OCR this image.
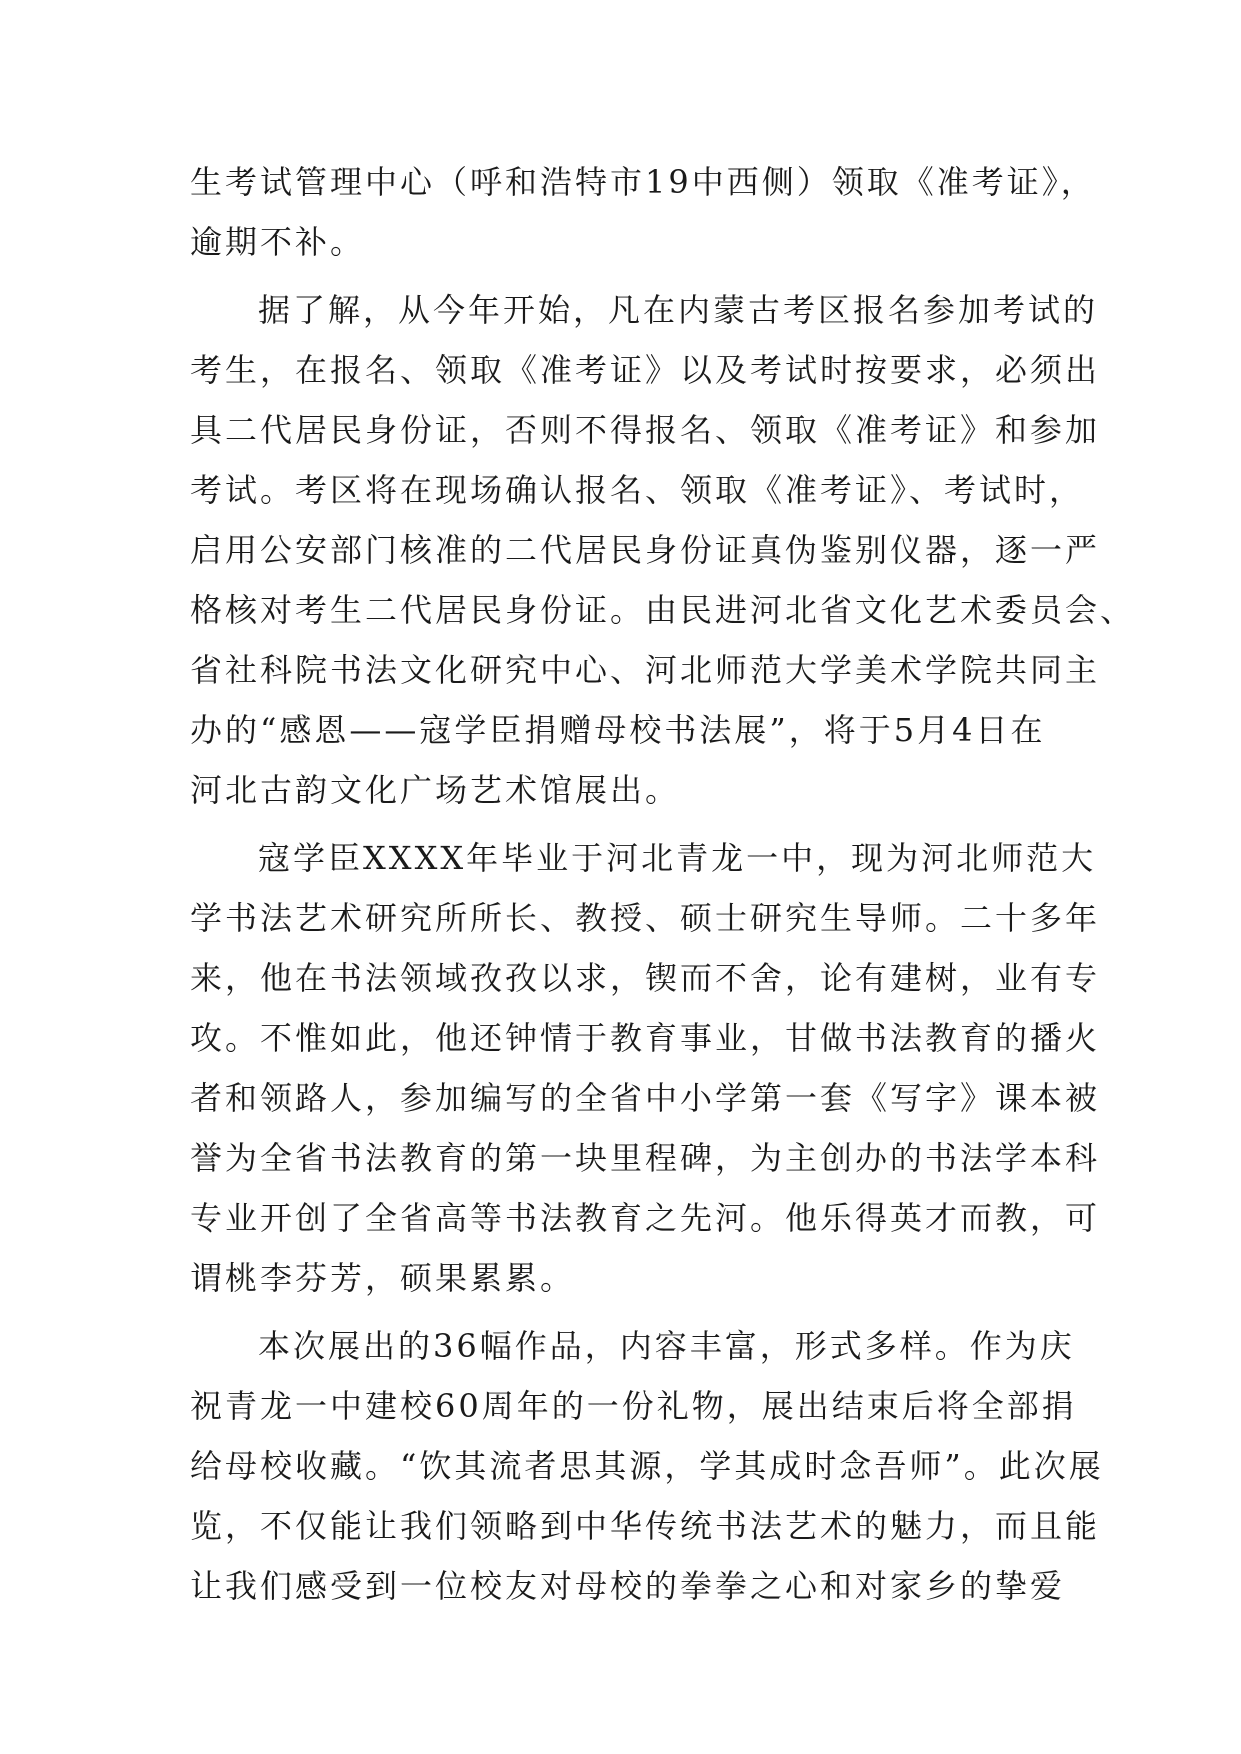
生考试管理中心（呼和浩特市19中西侧）领取《准考证》，
逾期不补。
据了解，从今年开始，凡在内蒙古考区报名参加考试的
考生，在报名、领取《准考证》以及考试时按要求，必须出
具二代居民身份证，否则不得报名、领取《准考证》和参加
考试。考区将在现场确认报名、领取《准考证》、考试时，
启用公安部门核准的二代居民身份证真伪鉴别仪器，逐一严
格核对考生二代居民身份证。由民进河北省文化艺术委员会、
省社科院书法文化研究中心、河北师范大学美术学院共同主
办的“感恩——寇学臣捐赠母校书法展”，将于5月4日在
河北古韵文化广场艺术馆展出。
寇学臣XXXX年毕业于河北青龙一中，现为河北师范大
学书法艺术研究所所长、教授、硕士研究生导师。二十多年
来，他在书法领域孜孜以求，锲而不舍，论有建树，业有专
攻。不惟如此，他还钟情于教育事业，甘做书法教育的播火
者和领路人，参加编写的全省中小学第一套《写字》课本被
誉为全省书法教育的第一块里程碑，为主创办的书法学本科
专业开创了全省高等书法教育之先河。他乐得英才而教，可
谓桃李芬芳，硕果累累。
本次展出的36幅作品，内容丰富，形式多样。作为庆
祝青龙一中建校60周年的一份礼物，展出结束后将全部捐
给母校收藏。“饮其流者思其源，学其成时念吾师”。此次展
览，不仅能让我们领略到中华传统书法艺术的魅力，而且能
让我们感受到一位校友对母校的拳拳之心和对家乡的挚爱
